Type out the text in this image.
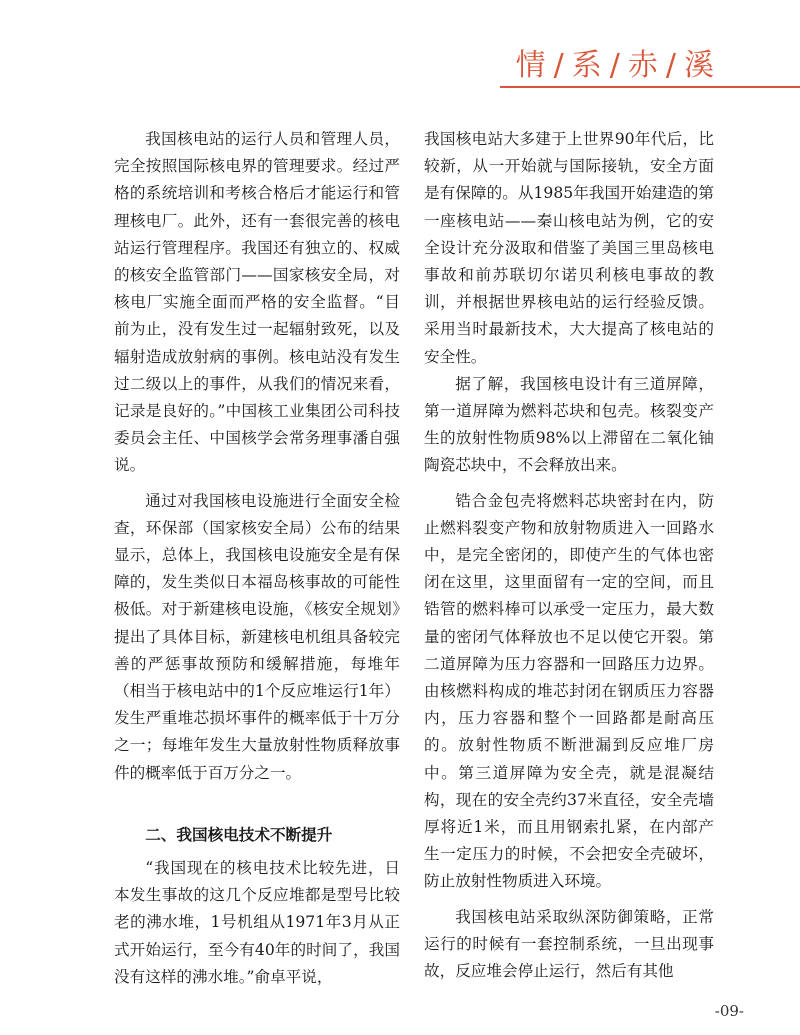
情 / 系 / 赤 / 溪

我国核电站的运行人员和管理人员，完全按照国际核电界的管理要求。经过严格的系统培训和考核合格后才能运行和管理核电厂。此外，还有一套很完善的核电站运行管理程序。我国还有独立的、权威的核安全监管部门——国家核安全局，对核电厂实施全面而严格的安全监督。“目前为止，没有发生过一起辐射致死，以及辐射造成放射病的事例。核电站没有发生过二级以上的事件，从我们的情况来看，记录是良好的。”中国核工业集团公司科技委员会主任、中国核学会常务理事潘自强说。

通过对我国核电设施进行全面安全检查，环保部（国家核安全局）公布的结果显示，总体上，我国核电设施安全是有保障的，发生类似日本福岛核事故的可能性极低。对于新建核电设施，《核安全规划》提出了具体目标，新建核电机组具备较完善的严惩事故预防和缓解措施，每堆年（相当于核电站中的1个反应堆运行1年）发生严重堆芯损坏事件的概率低于十万分之一；每堆年发生大量放射性物质释放事件的概率低于百万分之一。

二、我国核电技术不断提升

“我国现在的核电技术比较先进，日本发生事故的这几个反应堆都是型号比较老的沸水堆，1号机组从1971年3月从正式开始运行，至今有40年的时间了，我国没有这样的沸水堆。”俞卓平说，

我国核电站大多建于上世界90年代后，比较新，从一开始就与国际接轨，安全方面是有保障的。从1985年我国开始建造的第一座核电站——秦山核电站为例，它的安全设计充分汲取和借鉴了美国三里岛核电事故和前苏联切尔诺贝利核电事故的教训，并根据世界核电站的运行经验反馈。采用当时最新技术，大大提高了核电站的安全性。

据了解，我国核电设计有三道屏障，第一道屏障为燃料芯块和包壳。核裂变产生的放射性物质98%以上滞留在二氧化铀陶瓷芯块中，不会释放出来。

锆合金包壳将燃料芯块密封在内，防止燃料裂变产物和放射物质进入一回路水中，是完全密闭的，即使产生的气体也密闭在这里，这里面留有一定的空间，而且锆管的燃料棒可以承受一定压力，最大数量的密闭气体释放也不足以使它开裂。第二道屏障为压力容器和一回路压力边界。由核燃料构成的堆芯封闭在钢质压力容器内，压力容器和整个一回路都是耐高压的。放射性物质不断泄漏到反应堆厂房中。第三道屏障为安全壳，就是混凝结构，现在的安全壳约37米直径，安全壳墙厚将近1米，而且用钢索扎紧，在内部产生一定压力的时候，不会把安全壳破坏，防止放射性物质进入环境。

我国核电站采取纵深防御策略，正常运行的时候有一套控制系统，一旦出现事故，反应堆会停止运行，然后有其他

-09-
